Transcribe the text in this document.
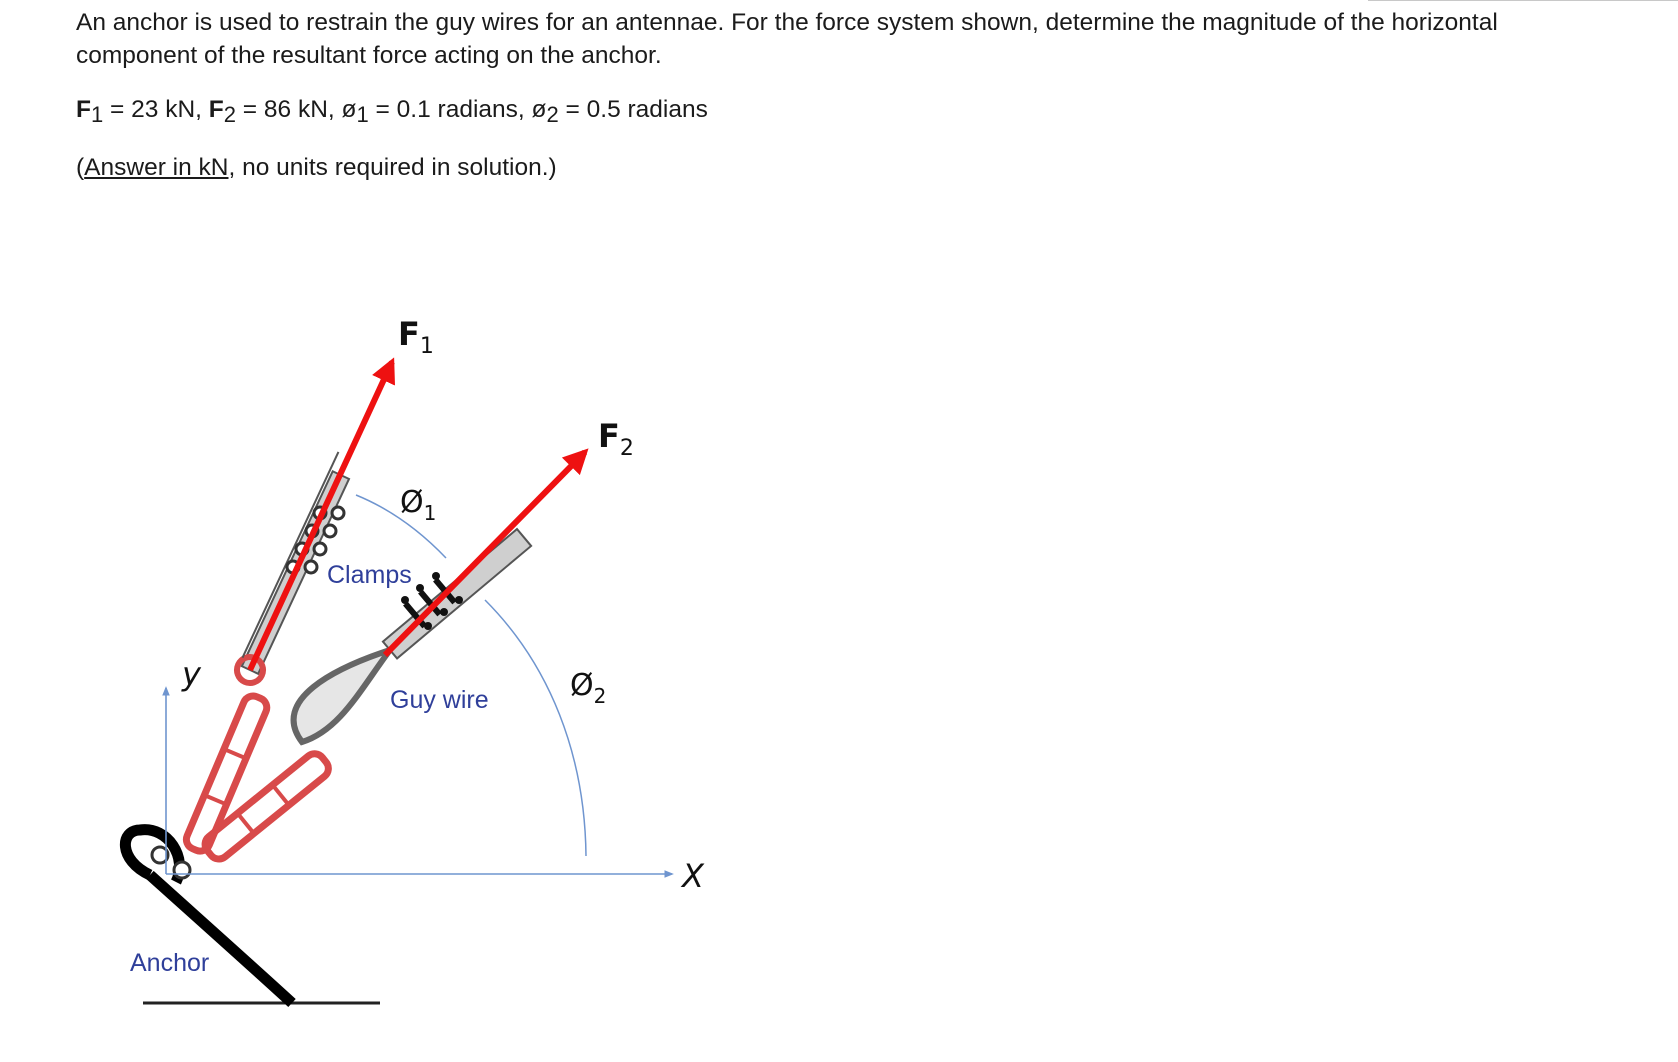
An anchor is used to restrain the guy wires for an antennae. For the force system shown, determine the magnitude of the horizontal component of the resultant force acting on the anchor.

$F_1 = 23$ kN, $F_2 = 86$ kN, $ø_1 = 0.1$ radians, $ø_2 = 0.5$ radians

(Answer in kN, no units required in solution.)

$F_1$
$F_2$
$Ø_1$
$Ø_2$
Clamps
Guy wire
Anchor
y
X
